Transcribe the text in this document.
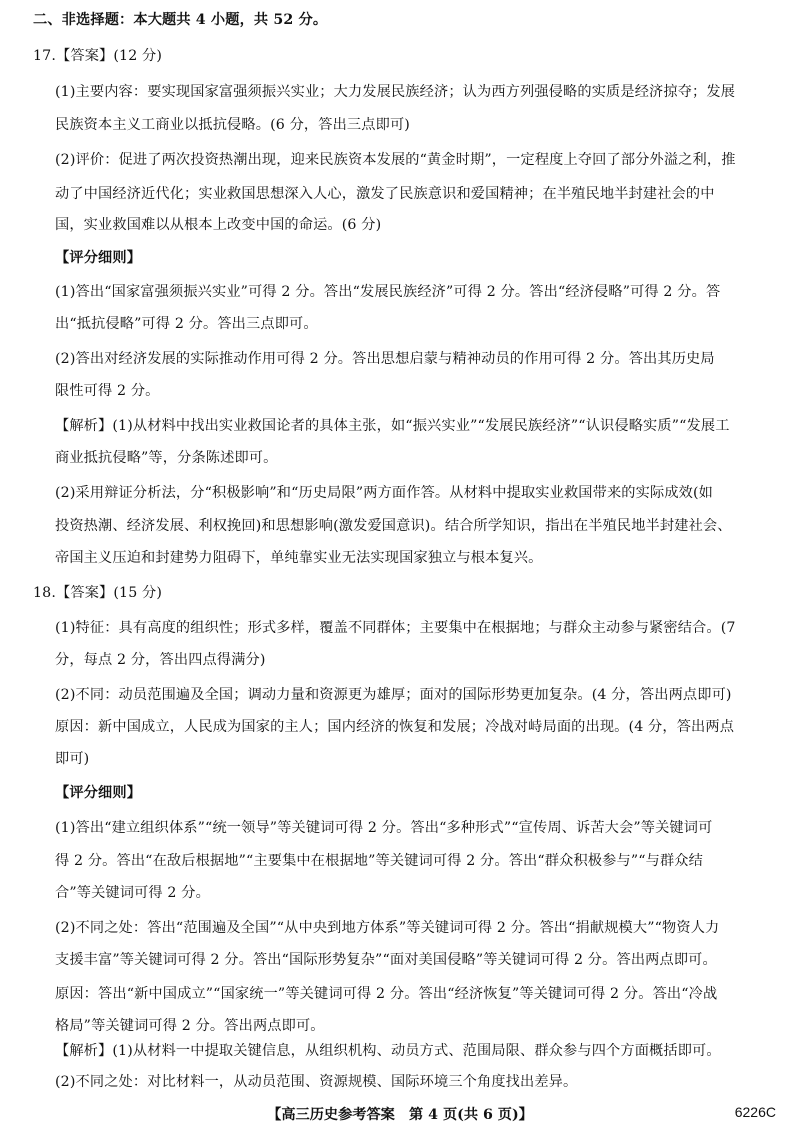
二、非选择题：本大题共 4 小题，共 52 分。
17.【答案】(12 分)
(1)主要内容：要实现国家富强须振兴实业；大力发展民族经济；认为西方列强侵略的实质是经济掠夺；发展
民族资本主义工商业以抵抗侵略。(6 分，答出三点即可)
(2)评价：促进了两次投资热潮出现，迎来民族资本发展的“黄金时期”，一定程度上夺回了部分外溢之利，推
动了中国经济近代化；实业救国思想深入人心，激发了民族意识和爱国精神；在半殖民地半封建社会的中
国，实业救国难以从根本上改变中国的命运。(6 分)
【评分细则】
(1)答出“国家富强须振兴实业”可得 2 分。答出“发展民族经济”可得 2 分。答出“经济侵略”可得 2 分。答
出“抵抗侵略”可得 2 分。答出三点即可。
(2)答出对经济发展的实际推动作用可得 2 分。答出思想启蒙与精神动员的作用可得 2 分。答出其历史局
限性可得 2 分。
【解析】(1)从材料中找出实业救国论者的具体主张，如“振兴实业”“发展民族经济”“认识侵略实质”“发展工
商业抵抗侵略”等，分条陈述即可。
(2)采用辩证分析法，分“积极影响”和“历史局限”两方面作答。从材料中提取实业救国带来的实际成效(如
投资热潮、经济发展、利权挽回)和思想影响(激发爱国意识)。结合所学知识，指出在半殖民地半封建社会、
帝国主义压迫和封建势力阻碍下，单纯靠实业无法实现国家独立与根本复兴。
18.【答案】(15 分)
(1)特征：具有高度的组织性；形式多样，覆盖不同群体；主要集中在根据地；与群众主动参与紧密结合。(7
分，每点 2 分，答出四点得满分)
(2)不同：动员范围遍及全国；调动力量和资源更为雄厚；面对的国际形势更加复杂。(4 分，答出两点即可)
原因：新中国成立，人民成为国家的主人；国内经济的恢复和发展；冷战对峙局面的出现。(4 分，答出两点
即可)
【评分细则】
(1)答出“建立组织体系”“统一领导”等关键词可得 2 分。答出“多种形式”“宣传周、诉苦大会”等关键词可
得 2 分。答出“在敌后根据地”“主要集中在根据地”等关键词可得 2 分。答出“群众积极参与”“与群众结
合”等关键词可得 2 分。
(2)不同之处：答出“范围遍及全国”“从中央到地方体系”等关键词可得 2 分。答出“捐献规模大”“物资人力
支援丰富”等关键词可得 2 分。答出“国际形势复杂”“面对美国侵略”等关键词可得 2 分。答出两点即可。
原因：答出“新中国成立”“国家统一”等关键词可得 2 分。答出“经济恢复”等关键词可得 2 分。答出“冷战
格局”等关键词可得 2 分。答出两点即可。
【解析】(1)从材料一中提取关键信息，从组织机构、动员方式、范围局限、群众参与四个方面概括即可。
(2)不同之处：对比材料一，从动员范围、资源规模、国际环境三个角度找出差异。
【高三历史参考答案　第 4 页(共 6 页)】	6226C
